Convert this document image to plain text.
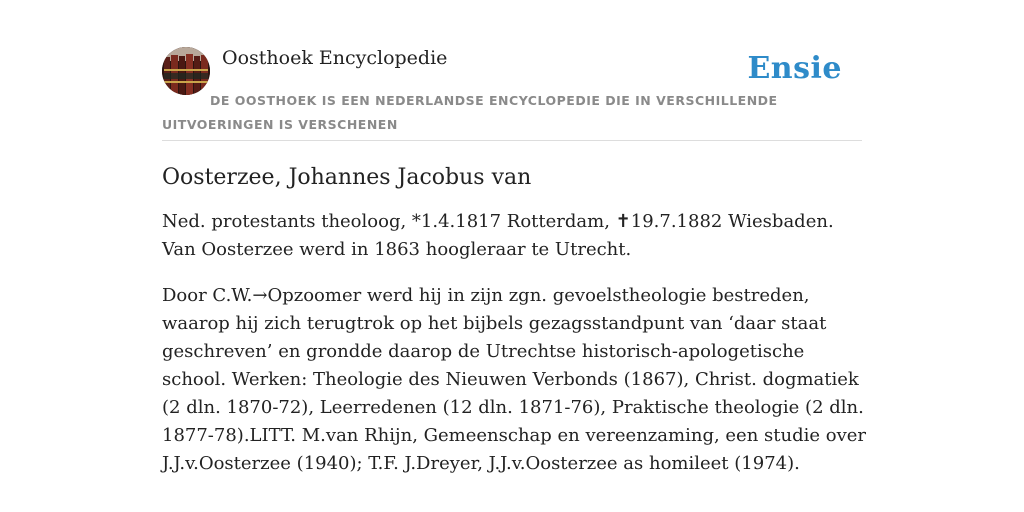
Oosthoek Encyclopedie	Ensie
DE OOSTHOEK IS EEN NEDERLANDSE ENCYCLOPEDIE DIE IN VERSCHILLENDE UITVOERINGEN IS VERSCHENEN
Oosterzee, Johannes Jacobus van

Ned. protestants theoloog, *1.4.1817 Rotterdam, ✝19.7.1882 Wiesbaden. Van Oosterzee werd in 1863 hoogleraar te Utrecht.

Door C.W.→Opzoomer werd hij in zijn zgn. gevoelstheologie bestreden, waarop hij zich terugtrok op het bijbels gezagsstandpunt van ‘daar staat geschreven’ en grondde daarop de Utrechtse historisch-apologetische school. Werken: Theologie des Nieuwen Verbonds (1867), Christ. dogmatiek (2 dln. 1870-72), Leerredenen (12 dln. 1871-76), Praktische theologie (2 dln. 1877-78).LITT. M.van Rhijn, Gemeenschap en vereenzaming, een studie over J.J.v.Oosterzee (1940); T.F. J.Dreyer, J.J.v.Oosterzee as homileet (1974).
